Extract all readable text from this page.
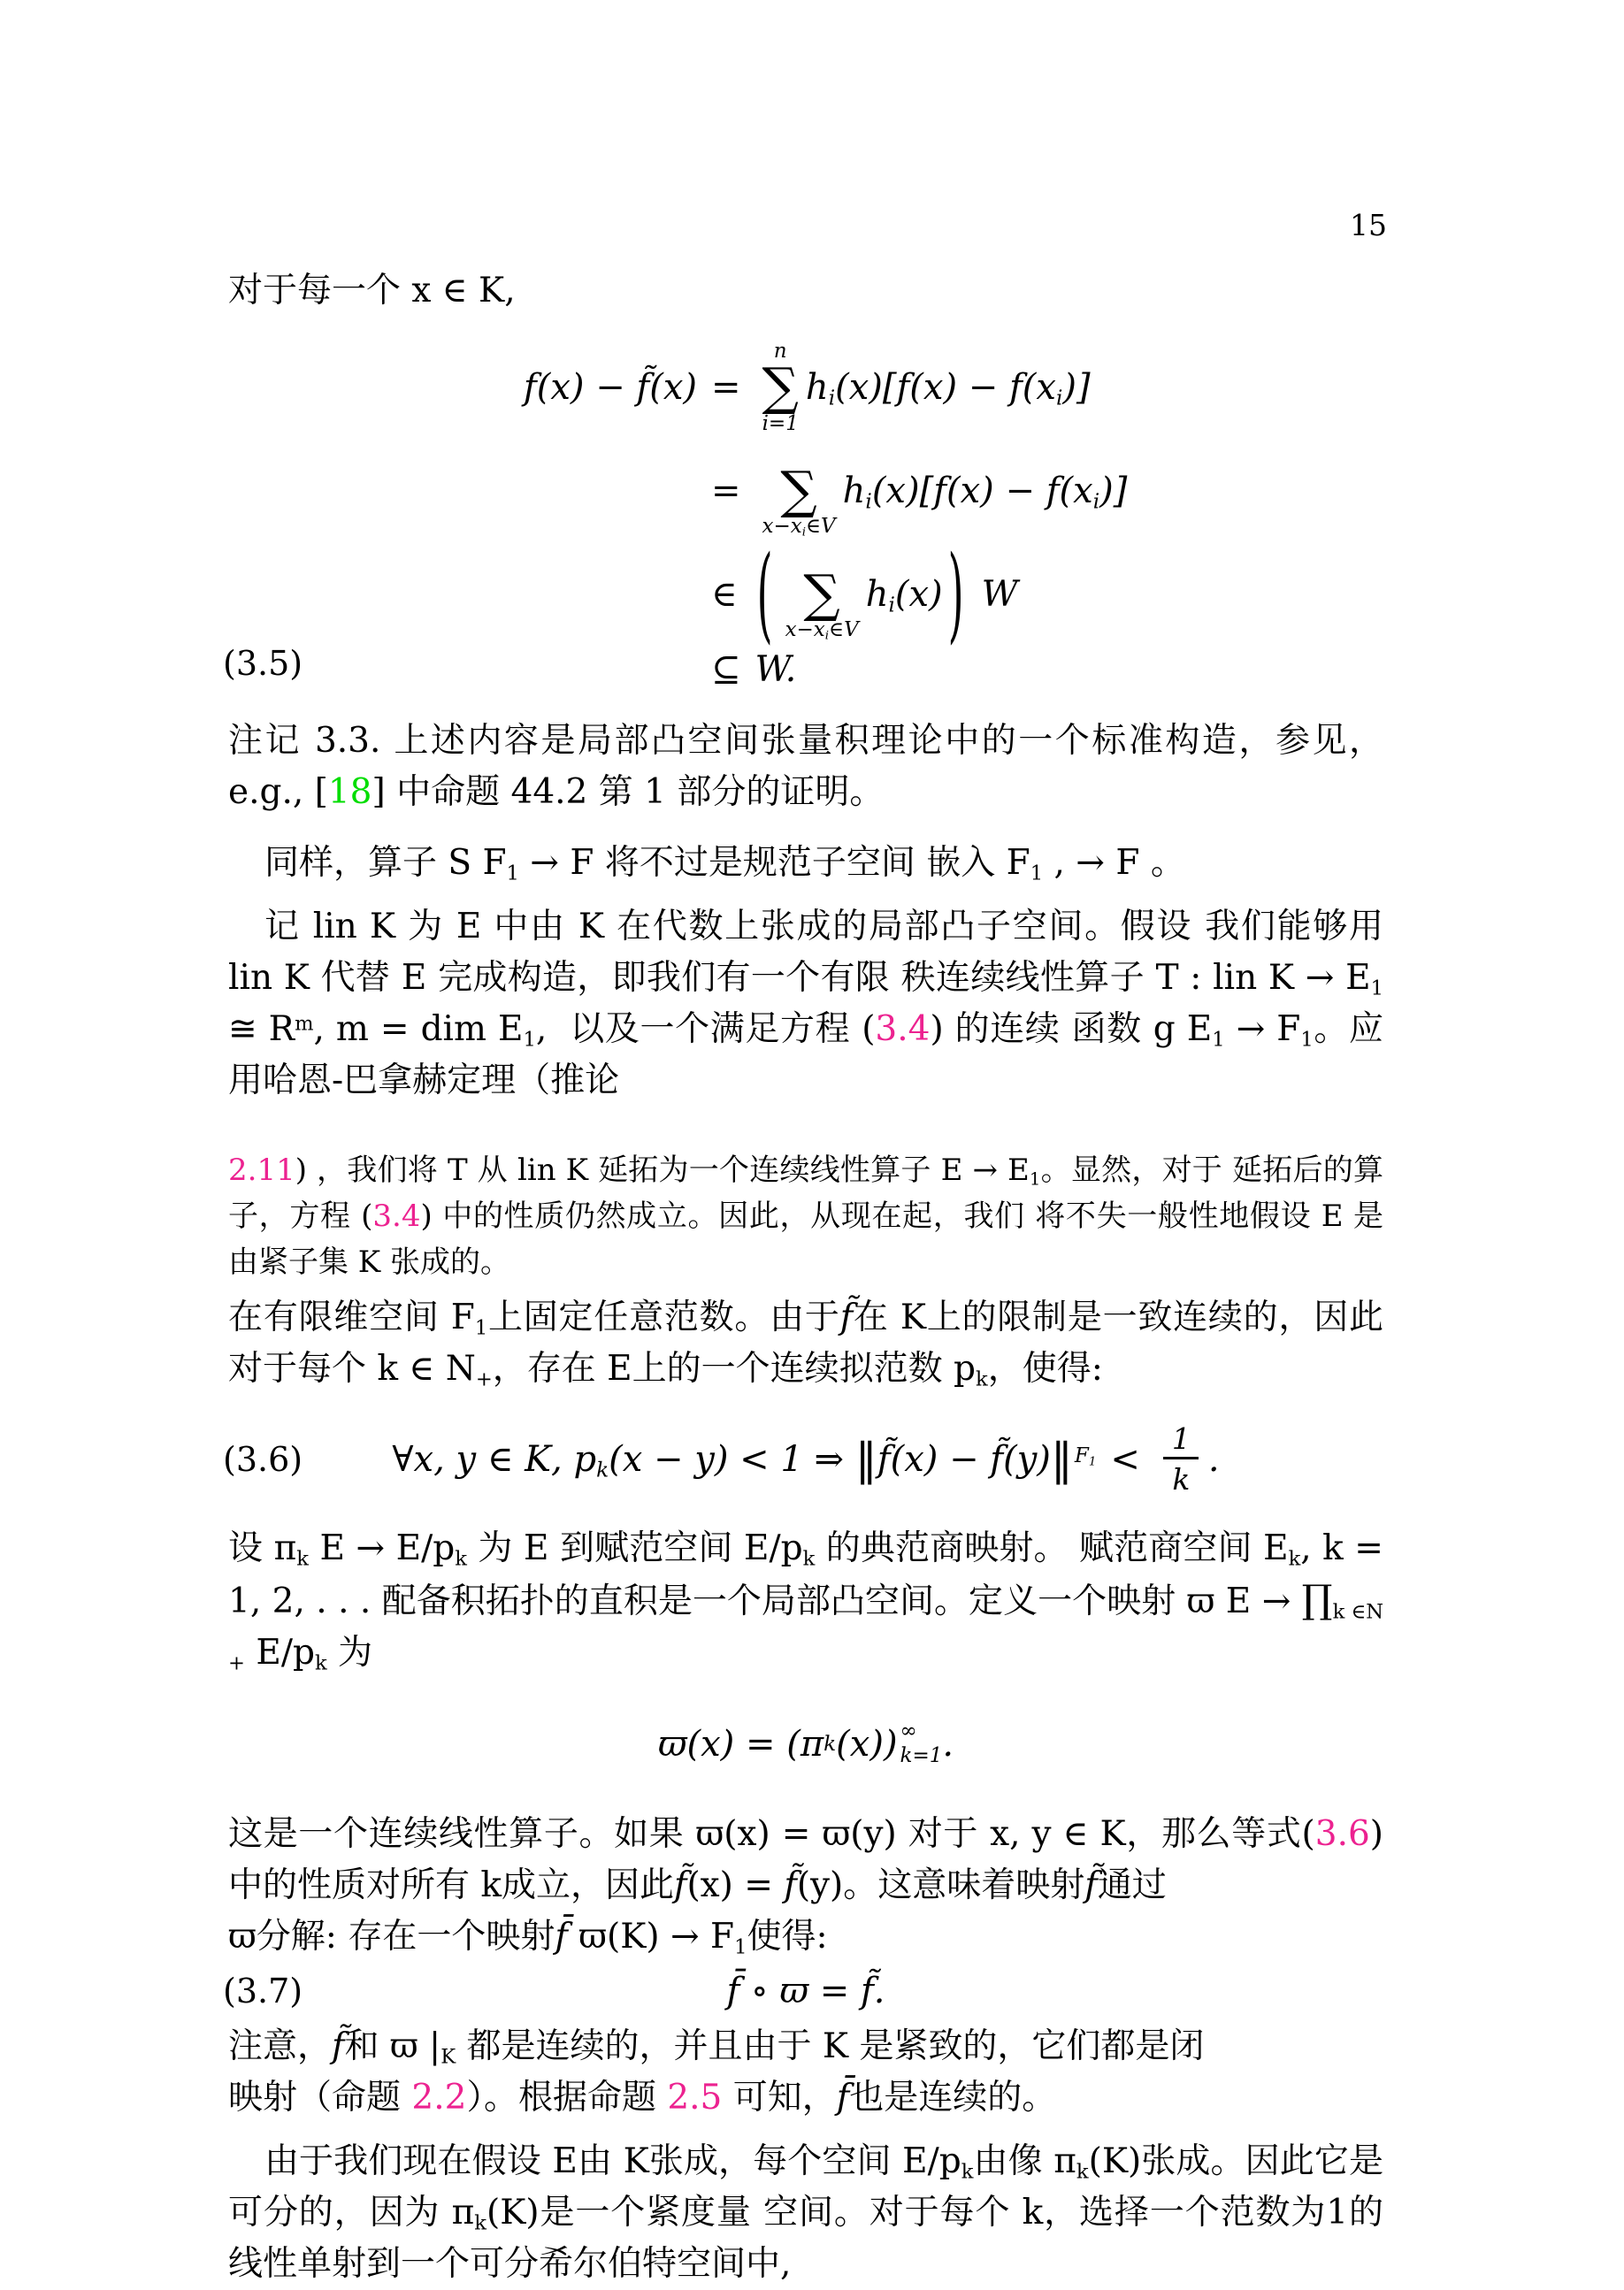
15

对于每一个 x ∈ K,

(3.5)
f(x) − f̃(x) =
n
∑
i=1
$h_i(x)[f(x) - f(x_i)]$
= ∑
$x-x_i\in V$
$h_i(x)[f(x) - f(x_i)]$
∈ ( ∑
$x-x_i\in V$
$h_i(x)$ ) W
⊆ W.

注记 3.3. 上述内容是局部凸空间张量积理论中的一个标准构造，参见，e.g., [18] 中命题 44.2 第 1 部分的证明。

同样，算子 S $F_1 \to F$ 将不过是规范子空间 嵌入 $F_1$ , → F 。

记 lin K 为 E 中由 K 在代数上张成的局部凸子空间。假设 我们能够用 lin K 代替 E 完成构造，即我们有一个有限 秩连续线性算子 T : lin $K \to E_1$ ≅ $R^m$, m = dim $E_1$,  以及一个满足方程 (3.4) 的连续 函数 g $E_1 \to F_1$。应用哈恩-巴拿赫定理（推论

2.11) ，我们将 T 从 lin K 延拓为一个连续线性算子 $E \to E_1$。显然，对于 延拓后的算子，方程 (3.4) 中的性质仍然成立。因此，从现在起，我们 将不失一般性地假设 E 是由紧子集 K 张成的。

在有限维空间 $F_1$上固定任意范数。由于f̃在 K上的限制是一致连续的，因此对于每个 k ∈ $N_+$，存在 E上的一个连续拟范数 $p_k$，使得:

(3.6)	∀x, y ∈ K, $p_k(x - y) < 1$ ⇒ ‖ f̃(x) − f̃(y) ‖ $F_1 < \frac{1}{k}$ .

设 $\pi_k$ $E \to E/p_k$ 为 E 到赋范空间 $E/p_k$ 的典范商映射。 赋范商空间 $E_k$, k = 1, 2, . . . 配备积拓扑的直积是一个局部凸空间。定义一个映射 ϖ $E \to \prod_{k \in N +}$ $E/p_k$ 为

ϖ(x) = (π k (x)) ∞
k=1 .

这是一个连续线性算子。如果 ϖ(x) = ϖ(y) 对于 x, y ∈ K，那么等式(3.6)中的性质对所有 k成立，因此f̃(x) = f̃(y)。这意味着映射f̃通过
ϖ分解: 存在一个映射f̄ $ϖ(K) \to F_1$使得:

(3.7)	f̄ ∘ ϖ = f̃.

注意，f̃和 ϖ $|_K$ 都是连续的，并且由于 K 是紧致的，它们都是闭
映射（命题 2.2）。根据命题 2.5 可知，f̄也是连续的。

由于我们现在假设 E由 K张成，每个空间 $E/p_k$由像 $\pi_k(K)$张成。因此它是可分的，因为 $\pi_k(K)$是一个紧度量 空间。对于每个 k，选择一个范数为1的线性单射到一个可分希尔伯特空间中,
